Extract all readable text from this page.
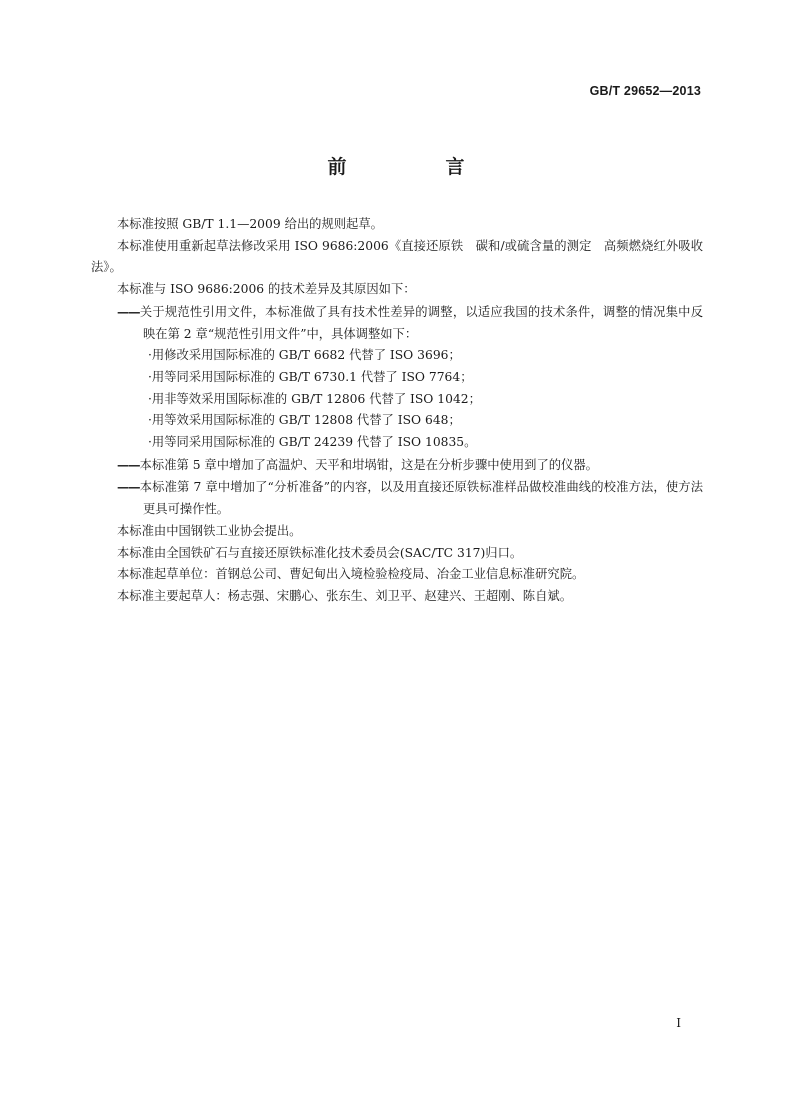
GB/T 29652—2013
前　言

本标准按照 GB/T 1.1—2009 给出的规则起草。

本标准使用重新起草法修改采用 ISO 9686:2006《直接还原铁　碳和/或硫含量的测定　高频燃烧红外吸收法》。

本标准与 ISO 9686:2006 的技术差异及其原因如下：

——关于规范性引用文件，本标准做了具有技术性差异的调整，以适应我国的技术条件，调整的情况集中反映在第 2 章“规范性引用文件”中，具体调整如下：

·用修改采用国际标准的 GB/T 6682 代替了 ISO 3696；

·用等同采用国际标准的 GB/T 6730.1 代替了 ISO 7764；

·用非等效采用国际标准的 GB/T 12806 代替了 ISO 1042；

·用等效采用国际标准的 GB/T 12808 代替了 ISO 648；

·用等同采用国际标准的 GB/T 24239 代替了 ISO 10835。

——本标准第 5 章中增加了高温炉、天平和坩埚钳，这是在分析步骤中使用到了的仪器。

——本标准第 7 章中增加了“分析准备”的内容，以及用直接还原铁标准样品做校准曲线的校准方法，使方法更具可操作性。

本标准由中国钢铁工业协会提出。

本标准由全国铁矿石与直接还原铁标准化技术委员会(SAC/TC 317)归口。

本标准起草单位：首钢总公司、曹妃甸出入境检验检疫局、冶金工业信息标准研究院。

本标准主要起草人：杨志强、宋鹏心、张东生、刘卫平、赵建兴、王超刚、陈自斌。

I
